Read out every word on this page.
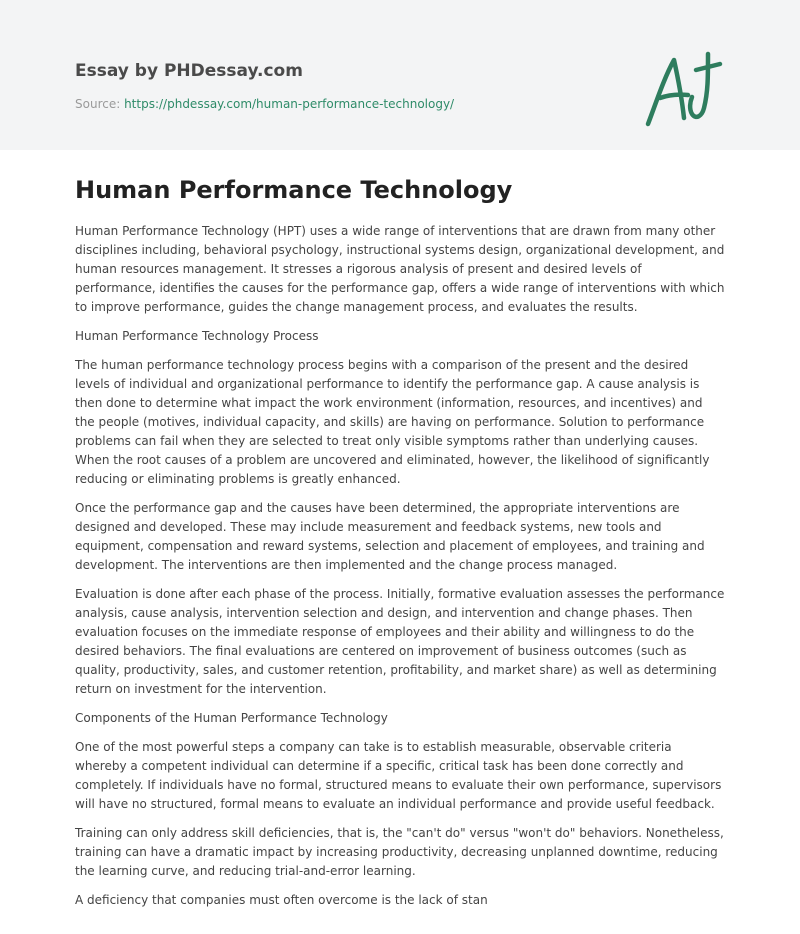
Essay by PHDessay.com
Source: https://phdessay.com/human-performance-technology/
Human Performance Technology

Human Performance Technology (HPT) uses a wide range of interventions that are drawn from many other disciplines including, behavioral psychology, instructional systems design, organizational development, and human resources management. It stresses a rigorous analysis of present and desired levels of performance, identifies the causes for the performance gap, offers a wide range of interventions with which to improve performance, guides the change management process, and evaluates the results.

Human Performance Technology Process

The human performance technology process begins with a comparison of the present and the desired levels of individual and organizational performance to identify the performance gap. A cause analysis is then done to determine what impact the work environment (information, resources, and incentives) and the people (motives, individual capacity, and skills) are having on performance. Solution to performance problems can fail when they are selected to treat only visible symptoms rather than underlying causes. When the root causes of a problem are uncovered and eliminated, however, the likelihood of significantly reducing or eliminating problems is greatly enhanced.

Once the performance gap and the causes have been determined, the appropriate interventions are designed and developed. These may include measurement and feedback systems, new tools and equipment, compensation and reward systems, selection and placement of employees, and training and development. The interventions are then implemented and the change process managed.

Evaluation is done after each phase of the process. Initially, formative evaluation assesses the performance analysis, cause analysis, intervention selection and design, and intervention and change phases. Then evaluation focuses on the immediate response of employees and their ability and willingness to do the desired behaviors. The final evaluations are centered on improvement of business outcomes (such as quality, productivity, sales, and customer retention, profitability, and market share) as well as determining return on investment for the intervention.

Components of the Human Performance Technology

One of the most powerful steps a company can take is to establish measurable, observable criteria whereby a competent individual can determine if a specific, critical task has been done correctly and completely. If individuals have no formal, structured means to evaluate their own performance, supervisors will have no structured, formal means to evaluate an individual performance and provide useful feedback.

Training can only address skill deficiencies, that is, the "can't do" versus "won't do" behaviors. Nonetheless, training can have a dramatic impact by increasing productivity, decreasing unplanned downtime, reducing the learning curve, and reducing trial-and-error learning.

A deficiency that companies must often overcome is the lack of stan
